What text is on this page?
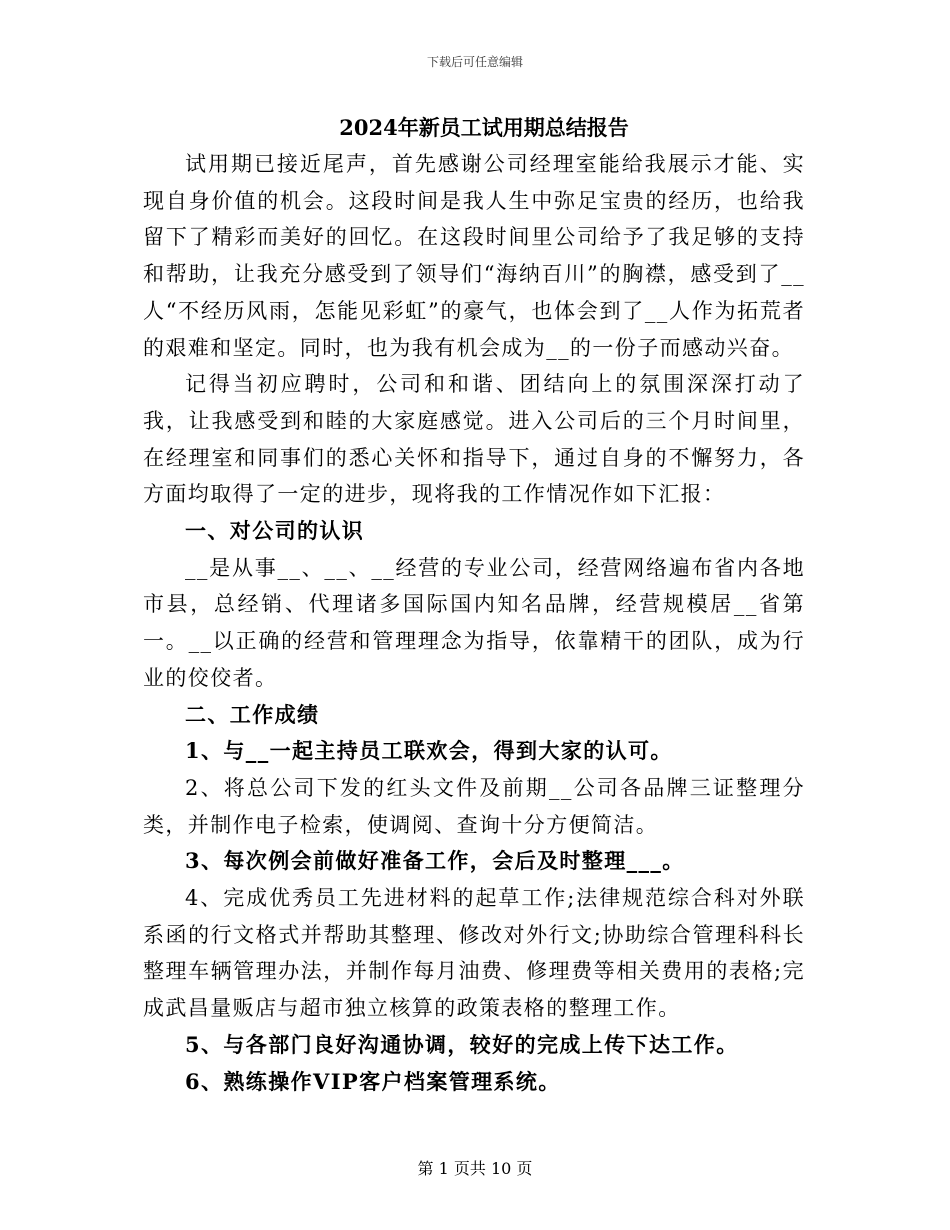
下载后可任意编辑
2024年新员工试用期总结报告

试用期已接近尾声，首先感谢公司经理室能给我展示才能、实现自身价值的机会。这段时间是我人生中弥足宝贵的经历，也给我留下了精彩而美好的回忆。在这段时间里公司给予了我足够的支持和帮助，让我充分感受到了领导们“海纳百川”的胸襟，感受到了__人“不经历风雨，怎能见彩虹”的豪气，也体会到了__人作为拓荒者的艰难和坚定。同时，也为我有机会成为__的一份子而感动兴奋。

记得当初应聘时，公司和和谐、团结向上的氛围深深打动了我，让我感受到和睦的大家庭感觉。进入公司后的三个月时间里，在经理室和同事们的悉心关怀和指导下，通过自身的不懈努力，各方面均取得了一定的进步，现将我的工作情况作如下汇报：

一、对公司的认识

__是从事__、__、__经营的专业公司，经营网络遍布省内各地市县，总经销、代理诸多国际国内知名品牌，经营规模居__省第一。__以正确的经营和管理理念为指导，依靠精干的团队，成为行业的佼佼者。

二、工作成绩

1、与__一起主持员工联欢会，得到大家的认可。

2、将总公司下发的红头文件及前期__公司各品牌三证整理分类，并制作电子检索，使调阅、查询十分方便简洁。

3、每次例会前做好准备工作，会后及时整理___。

4、完成优秀员工先进材料的起草工作;法律规范综合科对外联系函的行文格式并帮助其整理、修改对外行文;协助综合管理科科长整理车辆管理办法，并制作每月油费、修理费等相关费用的表格;完成武昌量贩店与超市独立核算的政策表格的整理工作。

5、与各部门良好沟通协调，较好的完成上传下达工作。

6、熟练操作VIP客户档案管理系统。

第 1 页共 10 页
